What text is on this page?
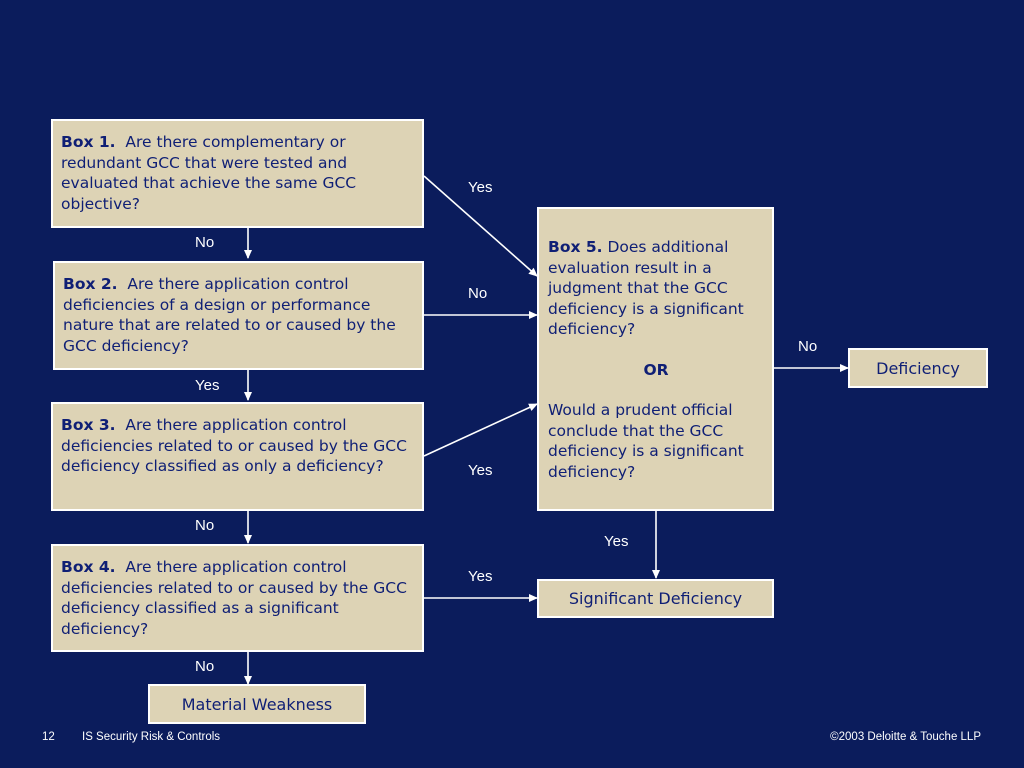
Box 1. Are there complementary or redundant GCC that were tested and evaluated that achieve the same GCC objective?
Box 2. Are there application control deficiencies of a design or performance nature that are related to or caused by the GCC deficiency?
Box 3. Are there application control deficiencies related to or caused by the GCC deficiency classified as only a deficiency?
Box 4. Are there application control deficiencies related to or caused by the GCC deficiency classified as a significant deficiency?
Box 5. Does additional evaluation result in a judgment that the GCC deficiency is a significant deficiency?
OR
Would a prudent official conclude that the GCC deficiency is a significant deficiency?
Deficiency
Significant Deficiency
Material Weakness
Yes
No
No
Yes
Yes
No
Yes
No
No
Yes
12 IS Security Risk & Controls	©2003 Deloitte & Touche LLP
